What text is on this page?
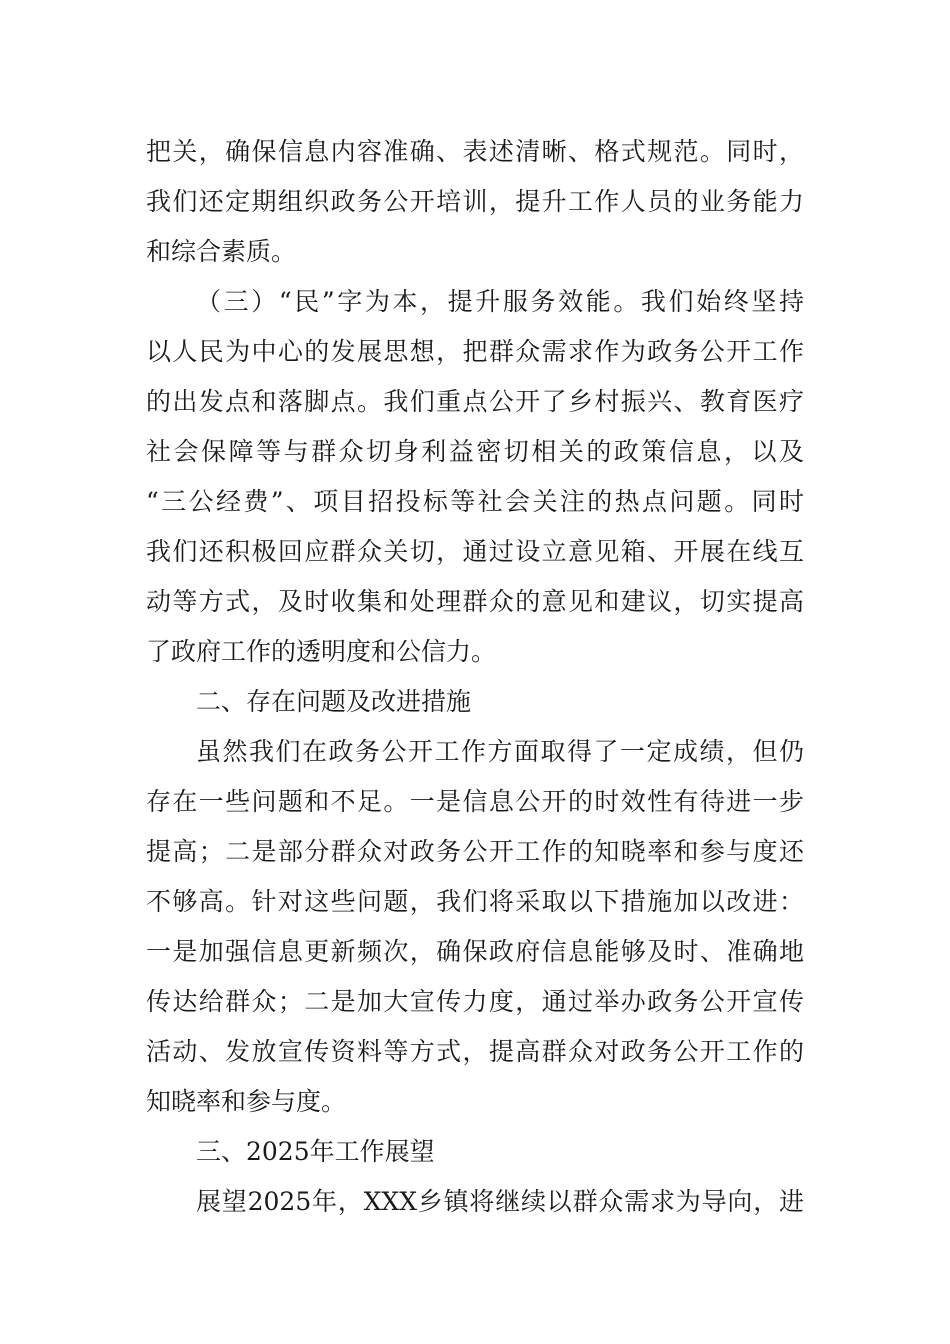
把关，确保信息内容准确、表述清晰、格式规范。同时，
我们还定期组织政务公开培训，提升工作人员的业务能力
和综合素质。
（三）“民”字为本，提升服务效能。我们始终坚持
以人民为中心的发展思想，把群众需求作为政务公开工作
的出发点和落脚点。我们重点公开了乡村振兴、教育医疗
社会保障等与群众切身利益密切相关的政策信息，以及
“三公经费”、项目招投标等社会关注的热点问题。同时
我们还积极回应群众关切，通过设立意见箱、开展在线互
动等方式，及时收集和处理群众的意见和建议，切实提高
了政府工作的透明度和公信力。
二、存在问题及改进措施
虽然我们在政务公开工作方面取得了一定成绩，但仍
存在一些问题和不足。一是信息公开的时效性有待进一步
提高；二是部分群众对政务公开工作的知晓率和参与度还
不够高。针对这些问题，我们将采取以下措施加以改进：
一是加强信息更新频次，确保政府信息能够及时、准确地
传达给群众；二是加大宣传力度，通过举办政务公开宣传
活动、发放宣传资料等方式，提高群众对政务公开工作的
知晓率和参与度。
三、2025年工作展望
展望2025年，XXX乡镇将继续以群众需求为导向，进
